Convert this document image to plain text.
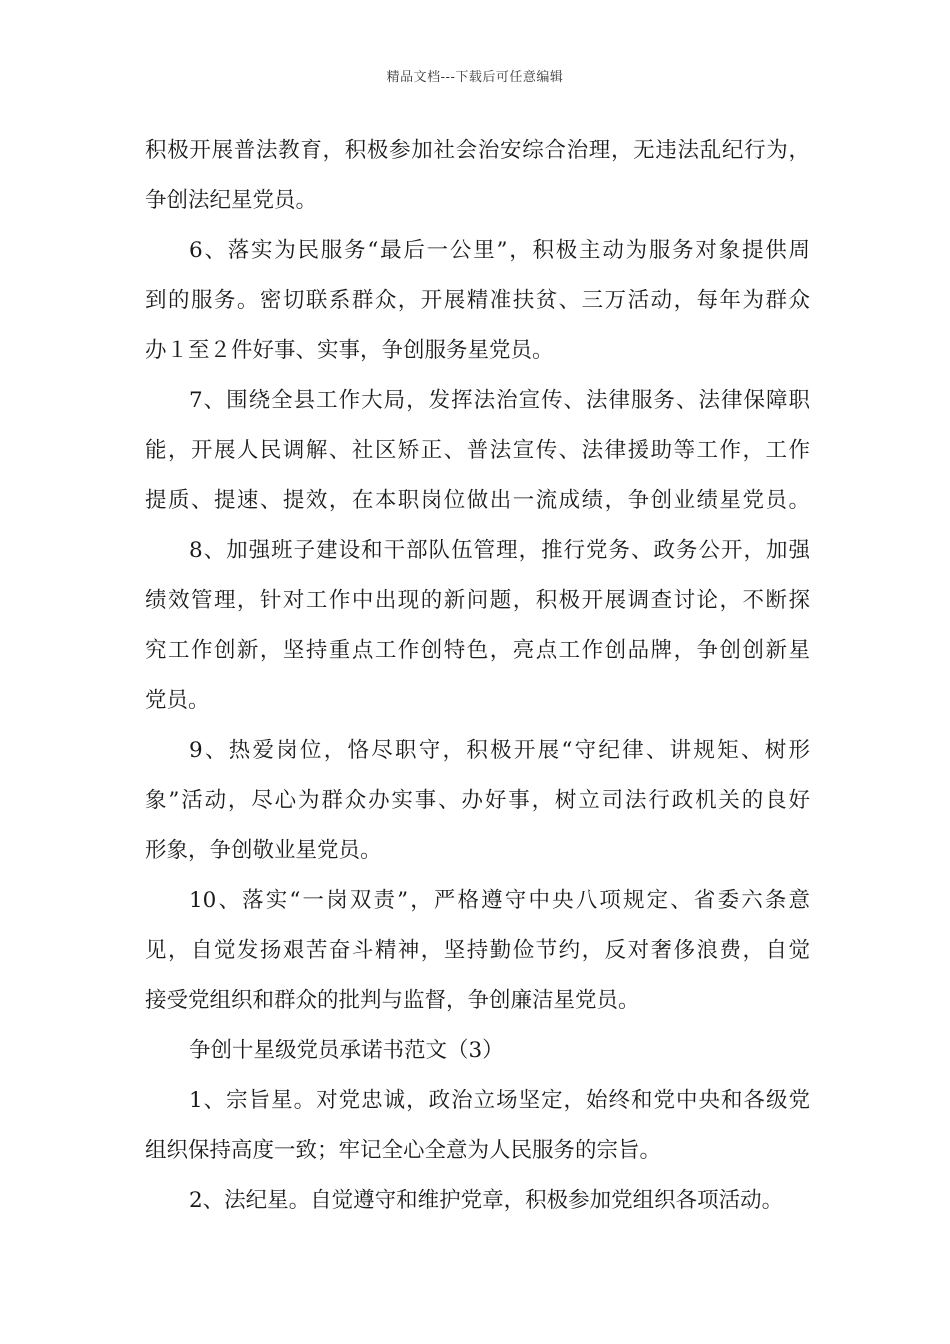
精品文档---下载后可任意编辑
积极开展普法教育，积极参加社会治安综合治理，无违法乱纪行为，
争创法纪星党员。
6、落实为民服务“最后一公里”，积极主动为服务对象提供周
到的服务。密切联系群众，开展精准扶贫、三万活动，每年为群众
办１至２件好事、实事，争创服务星党员。
7、围绕全县工作大局，发挥法治宣传、法律服务、法律保障职
能，开展人民调解、社区矫正、普法宣传、法律援助等工作，工作
提质、提速、提效，在本职岗位做出一流成绩，争创业绩星党员。
8、加强班子建设和干部队伍管理，推行党务、政务公开，加强
绩效管理，针对工作中出现的新问题，积极开展调查讨论，不断探
究工作创新，坚持重点工作创特色，亮点工作创品牌，争创创新星
党员。
9、热爱岗位，恪尽职守，积极开展“守纪律、讲规矩、树形
象”活动，尽心为群众办实事、办好事，树立司法行政机关的良好
形象，争创敬业星党员。
10、落实“一岗双责”，严格遵守中央八项规定、省委六条意
见，自觉发扬艰苦奋斗精神，坚持勤俭节约，反对奢侈浪费，自觉
接受党组织和群众的批判与监督，争创廉洁星党员。
争创十星级党员承诺书范文（3）
1、宗旨星。对党忠诚，政治立场坚定，始终和党中央和各级党
组织保持高度一致；牢记全心全意为人民服务的宗旨。
2、法纪星。自觉遵守和维护党章，积极参加党组织各项活动。
